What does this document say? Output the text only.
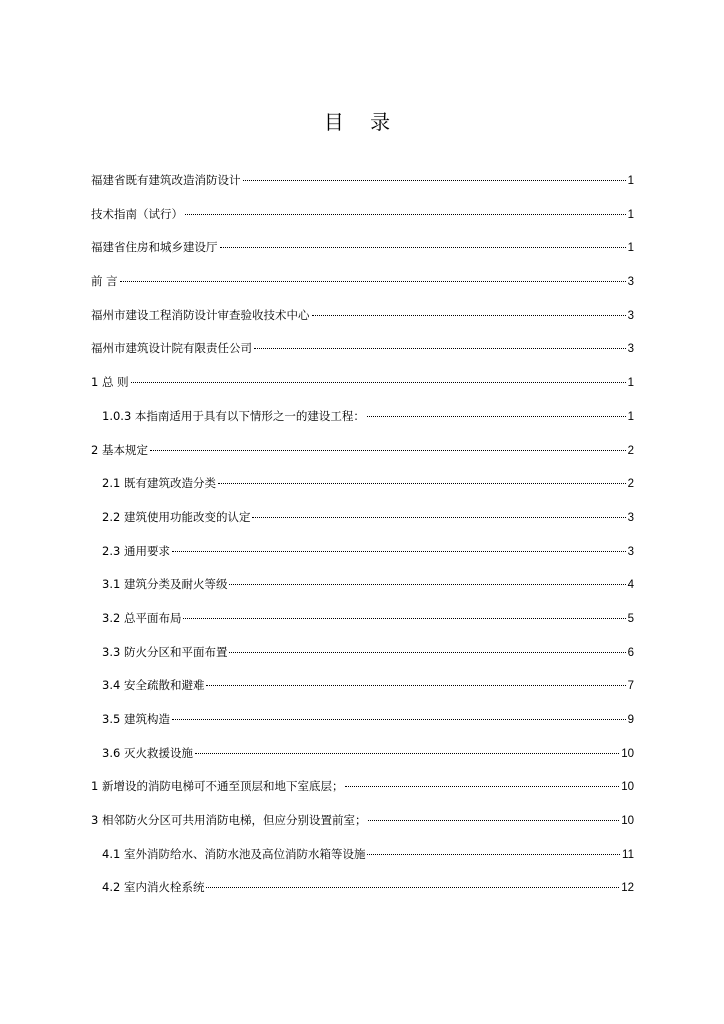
目 录
福建省既有建筑改造消防设计	1
技术指南（试行）	1
福建省住房和城乡建设厅	1
前 言	3
福州市建设工程消防设计审查验收技术中心	3
福州市建筑设计院有限责任公司	3
1 总 则	1
1.0.3 本指南适用于具有以下情形之一的建设工程：	1
2 基本规定	2
2.1 既有建筑改造分类	2
2.2 建筑使用功能改变的认定	3
2.3 通用要求	3
3.1 建筑分类及耐火等级	4
3.2 总平面布局	5
3.3 防火分区和平面布置	6
3.4 安全疏散和避难	7
3.5 建筑构造	9
3.6 灭火救援设施	10
1 新增设的消防电梯可不通至顶层和地下室底层；	10
3 相邻防火分区可共用消防电梯，但应分别设置前室；	10
4.1 室外消防给水、消防水池及高位消防水箱等设施	11
4.2 室内消火栓系统	12
